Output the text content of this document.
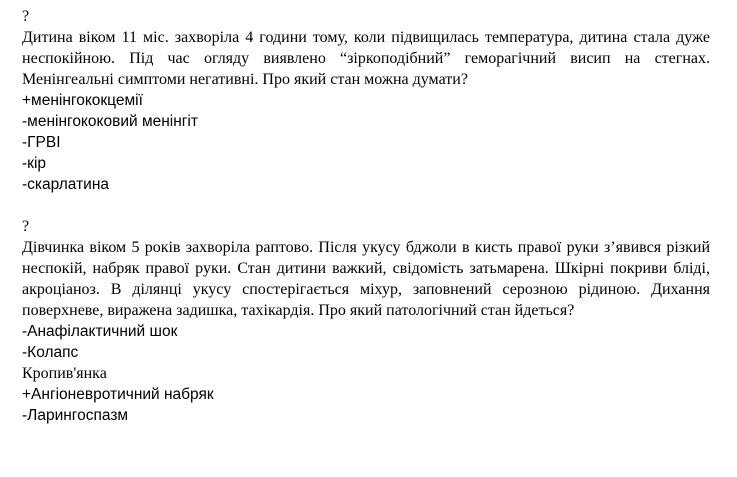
?
Дитина віком 11 міс. захворіла 4 години тому, коли підвищилась температура, дитина стала дуже неспокійною. Під час огляду виявлено “зіркоподібний” геморагічний висип на стегнах. Менінгеальні симптоми негативні. Про який стан можна думати?
+менінгококцемії
-менінгококовий менінгіт
-ГРВІ
-кір
-скарлатина
?
Дівчинка віком 5 років захворіла раптово. Після укусу бджоли в кисть правої руки з’явився різкий неспокій, набряк правої руки. Стан дитини важкий, свідомість затьмарена. Шкірні покриви бліді, акроціаноз. В ділянці укусу спостерігається міхур, заповнений серозною рідиною. Дихання поверхневе, виражена задишка, тахікардія. Про який патологічний стан йдеться?
-Анафілактичний шок
-Колапс
Кропив'янка
+Ангіоневротичний набряк
-Ларингоспазм
